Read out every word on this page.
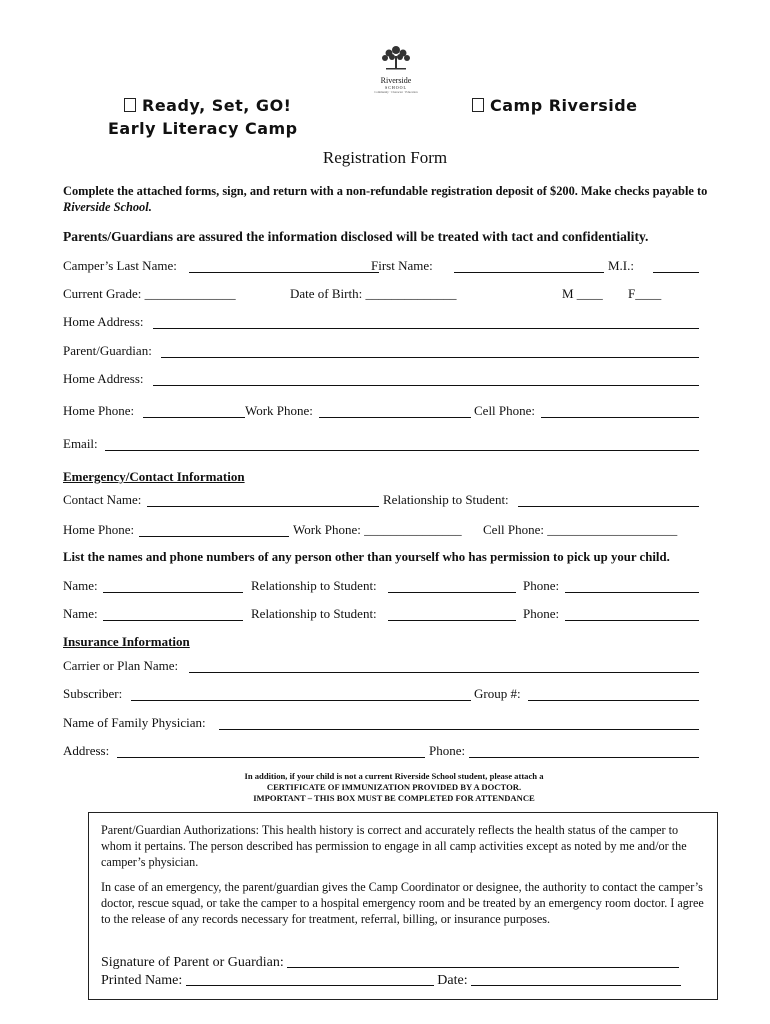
Riverside
SCHOOL
Community · Character · Education
Ready, Set, GO!
Early Literacy Camp
Camp Riverside
Registration Form
Complete the attached forms, sign, and return with a non-refundable registration deposit of $200. Make checks payable to Riverside School.
Parents/Guardians are assured the information disclosed will be treated with tact and confidentiality.
Camper’s Last Name:	First Name:	M.I.:
Current Grade: ______________	Date of Birth: ______________	M ____ F____
Home Address:
Parent/Guardian:
Home Address:
Home Phone:	Work Phone:	Cell Phone:
Email:
Emergency/Contact Information
Contact Name:	Relationship to Student:
Home Phone:	Work Phone: _______________ Cell Phone: ____________________
List the names and phone numbers of any person other than yourself who has permission to pick up your child.
Name:	Relationship to Student:	Phone:
Name:	Relationship to Student:	Phone:
Insurance Information
Carrier or Plan Name:
Subscriber:	Group #:
Name of Family Physician:
Address:	Phone:
In addition, if your child is not a current Riverside School student, please attach a
CERTIFICATE OF IMMUNIZATION PROVIDED BY A DOCTOR.
IMPORTANT – THIS BOX MUST BE COMPLETED FOR ATTENDANCE
Parent/Guardian Authorizations: This health history is correct and accurately reflects the health status of the camper to whom it pertains. The person described has permission to engage in all camp activities except as noted by me and/or the camper’s physician.
In case of an emergency, the parent/guardian gives the Camp Coordinator or designee, the authority to contact the camper’s doctor, rescue squad, or take the camper to a hospital emergency room and be treated by an emergency room doctor. I agree to the release of any records necessary for treatment, referral, billing, or insurance purposes.
Signature of Parent or Guardian:
Printed Name:	Date:
